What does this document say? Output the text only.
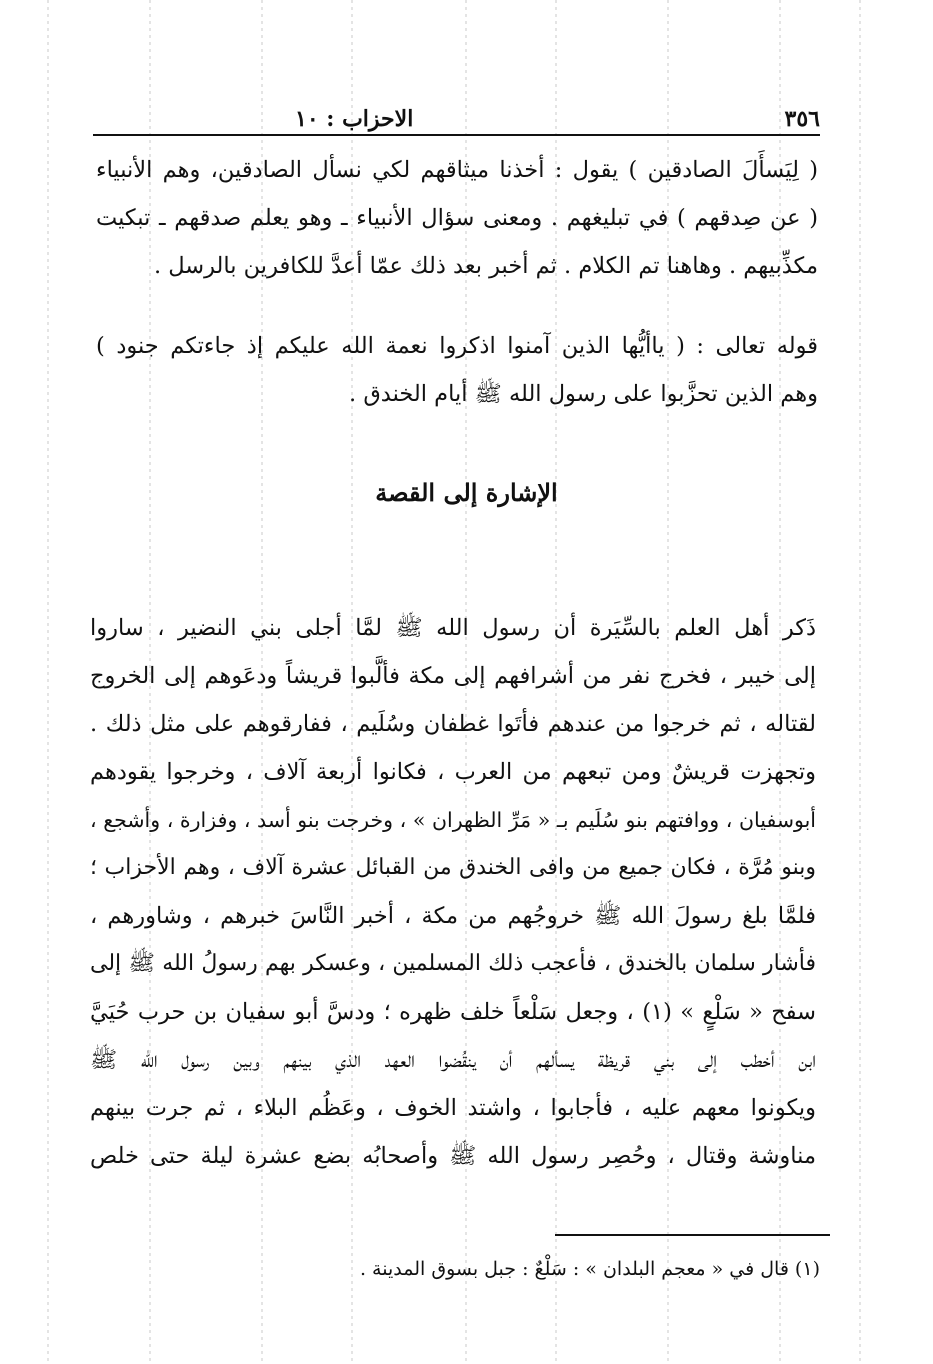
٣٥٦
الاحزاب : ١٠
( لِيَسأَلَ الصادقين ) يقول : أخذنا ميثاقهم لكي نسأل الصادقين، وهم الأنبياء
( عن صِدقهم ) في تبليغهم . ومعنى سؤال الأنبياء ـ وهو يعلم صدقهم ـ تبكيت
مكذِّبيهم . وهاهنا تم الكلام . ثم أخبر بعد ذلك عمّا أعدَّ للكافرين بالرسل .
قوله تعالى : ( ياأيُّها الذين آمنوا اذكروا نعمة الله عليكم إذ جاءتكم جنود )
وهم الذين تحزَّبوا على رسول الله ﷺ أيام الخندق .
الإشارة إلى القصة
ذَكر أهل العلم بالسِّيَرة أن رسول الله ﷺ لمَّا أجلى بني النضير ، ساروا
إلى خيبر ، فخرج نفر من أشرافهم إلى مكة فألَّبوا قريشاً ودعَوهم إلى الخروج
لقتاله ، ثم خرجوا من عندهم فأتَوا غطفان وسُلَيم ، ففارقوهم على مثل ذلك .
وتجهزت قريشٌ ومن تبعهم من العرب ، فكانوا أربعة آلاف ، وخرجوا يقودهم
أبوسفيان ، ووافتهم بنو سُلَيم بـ « مَرِّ الظهران » ، وخرجت بنو أسد ، وفزارة ، وأشجع ،
وبنو مُرَّة ، فكان جميع من وافى الخندق من القبائل عشرة آلاف ، وهم الأحزاب ؛
فلمَّا بلغ رسولَ الله ﷺ خروجُهم من مكة ، أخبر النَّاسَ خبرهم ، وشاورهم ،
فأشار سلمان بالخندق ، فأعجب ذلك المسلمين ، وعسكر بهم رسولُ الله ﷺ إلى
سفح « سَلْعٍ » (١) ، وجعل سَلْعاً خلف ظهره ؛ ودسَّ أبو سفيان بن حرب حُيَيَّ
ابن أخطب إلى بني قريظة يسألهم أن ينقُضوا العهد الذي بينهم وبين رسول الله ﷺ
ويكونوا معهم عليه ، فأجابوا ، واشتد الخوف ، وعَظُم البلاء ، ثم جرت بينهم
مناوشة وقتال ، وحُصِر رسول الله ﷺ وأصحابُه بضع عشرة ليلة حتى خلص
(١) قال في « معجم البلدان » : سَلْعٌ : جبل بسوق المدينة .
